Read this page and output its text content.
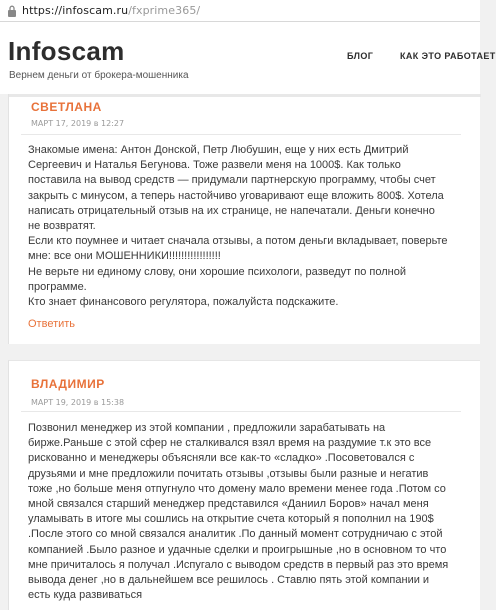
https://infoscam.ru/fxprime365/
Infoscam
Вернем деньги от брокера-мошенника
БЛОГ	КАК ЭТО РАБОТАЕТ
СВЕТЛАНА
МАРТ 17, 2019 в 12:27

Знакомые имена: Антон Донской, Петр Любушин, еще у них есть Дмитрий

Сергеевич и Наталья Бегунова. Тоже развели меня на 1000$. Как только

поставила на вывод средств — придумали партнерскую программу, чтобы счет

закрыть с минусом, а теперь настойчиво уговаривают еще вложить 800$. Хотела

написать отрицательный отзыв на их странице, не напечатали. Деньги конечно

не возвратят.

Если кто поумнее и читает сначала отзывы, а потом деньги вкладывает, поверьте

мне: все они МОШЕННИКИ!!!!!!!!!!!!!!!!!

Не верьте ни единому слову, они хорошие психологи, разведут по полной

программе.

Кто знает финансового регулятора, пожалуйста подскажите.

Ответить
ВЛАДИМИР
МАРТ 19, 2019 в 15:38

Позвонил менеджер из этой компании , предложили зарабатывать на

бирже.Раньше с этой сфер не сталкивался взял время на раздумие т.к это все

рискованно и менеджеры объясняли все как-то «сладко» .Посоветовался с

друзьями и мне предложили почитать отзывы ,отзывы были разные и негатив

тоже ,но больше меня отпугнуло что домену мало времени менее года .Потом со

мной связался старший менеджер представился «Даниил Боров» начал меня

уламывать в итоге мы сошлись на открытие счета который я пополнил на 190$

.После этого со мной связался аналитик .По данный момент сотрудничаю с этой

компанией .Было разное и удачные сделки и проигрышные ,но в основном то что

мне причиталось я получал .Испугало с выводом средств в первый раз это время

вывода денег ,но в дальнейшем все решилось . Ставлю пять этой компании и

есть куда развиваться
